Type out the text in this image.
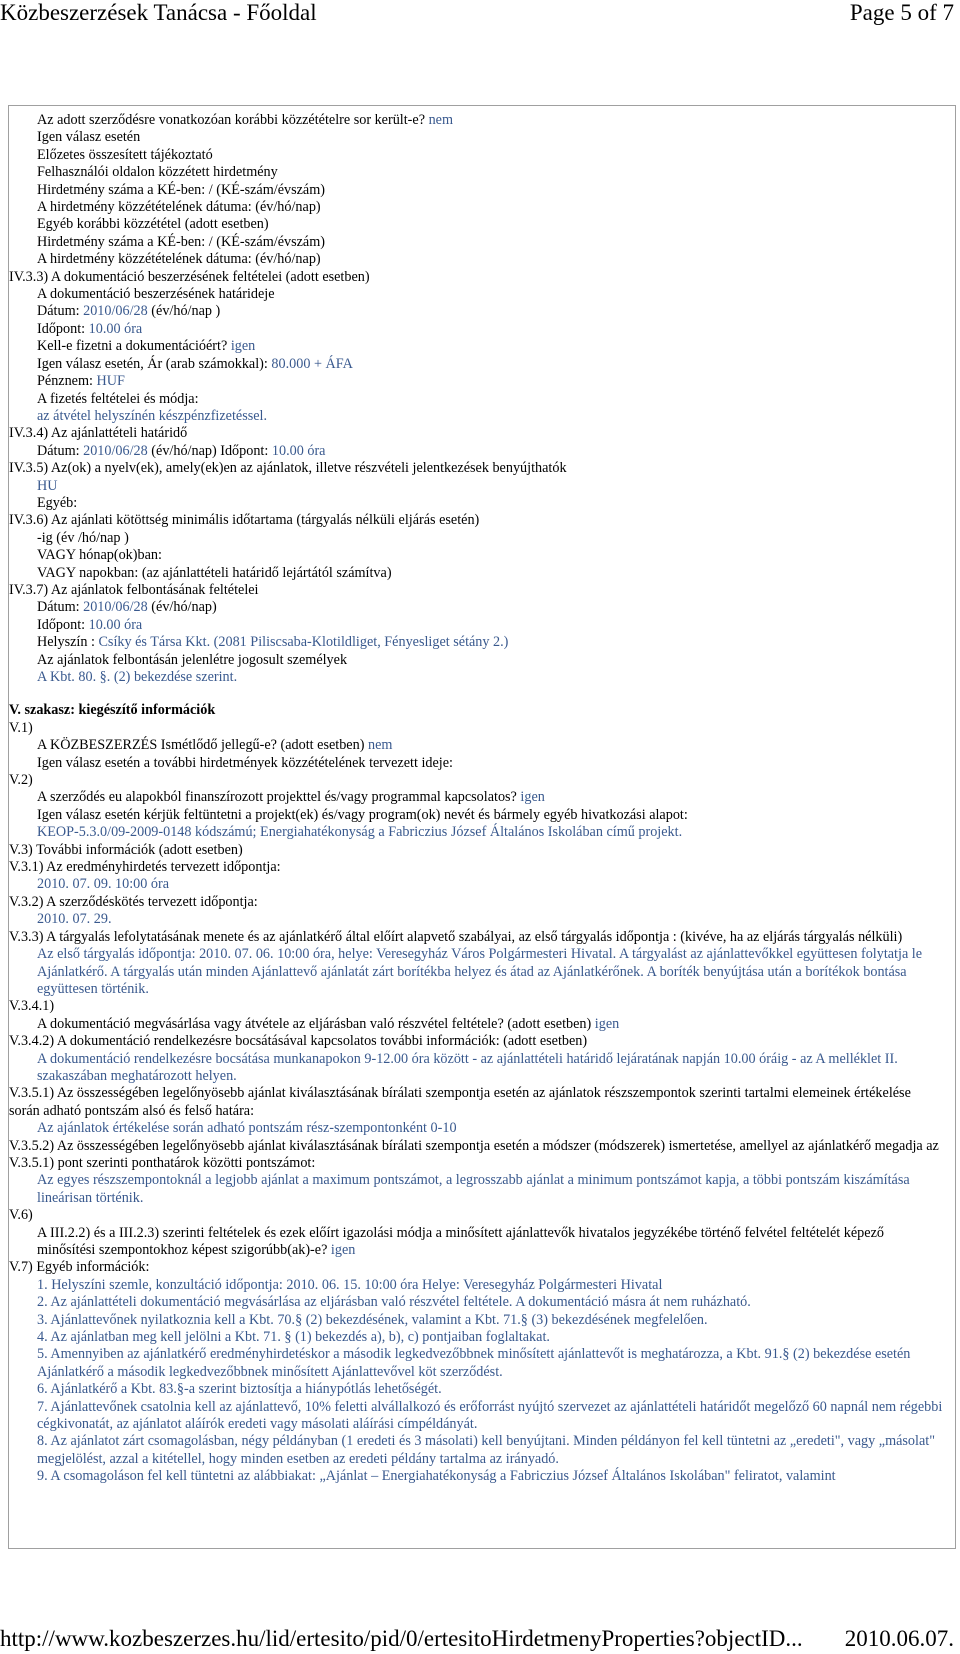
Közbeszerzések Tanácsa - Főoldal	Page 5 of 7
Az adott szerződésre vonatkozóan korábbi közzétételre sor került-e? nem
Igen válasz esetén
Előzetes összesített tájékoztató
Felhasználói oldalon közzétett hirdetmény
Hirdetmény száma a KÉ-ben: / (KÉ-szám/évszám)
A hirdetmény közzétételének dátuma: (év/hó/nap)
Egyéb korábbi közzététel (adott esetben)
Hirdetmény száma a KÉ-ben: / (KÉ-szám/évszám)
A hirdetmény közzétételének dátuma: (év/hó/nap)
IV.3.3) A dokumentáció beszerzésének feltételei (adott esetben)
A dokumentáció beszerzésének határideje
Dátum: 2010/06/28 (év/hó/nap )
Időpont: 10.00 óra
Kell-e fizetni a dokumentációért? igen
Igen válasz esetén, Ár (arab számokkal): 80.000 + ÁFA
Pénznem: HUF
A fizetés feltételei és módja:
az átvétel helyszínén készpénzfizetéssel.
IV.3.4) Az ajánlattételi határidő
Dátum: 2010/06/28 (év/hó/nap) Időpont: 10.00 óra
IV.3.5) Az(ok) a nyelv(ek), amely(ek)en az ajánlatok, illetve részvételi jelentkezések benyújthatók
HU
Egyéb:
IV.3.6) Az ajánlati kötöttség minimális időtartama (tárgyalás nélküli eljárás esetén)
-ig (év /hó/nap )
VAGY hónap(ok)ban:
VAGY napokban: (az ajánlattételi határidő lejártától számítva)
IV.3.7) Az ajánlatok felbontásának feltételei
Dátum: 2010/06/28 (év/hó/nap)
Időpont: 10.00 óra
Helyszín : Csíky és Társa Kkt. (2081 Piliscsaba-Klotildliget, Fényesliget sétány 2.)
Az ajánlatok felbontásán jelenlétre jogosult személyek
A Kbt. 80. §. (2) bekezdése szerint.
V. szakasz: kiegészítő információk
V.1)
A KÖZBESZERZÉS Ismétlődő jellegű-e? (adott esetben) nem
Igen válasz esetén a további hirdetmények közzétételének tervezett ideje:
V.2)
A szerződés eu alapokból finanszírozott projekttel és/vagy programmal kapcsolatos? igen
Igen válasz esetén kérjük feltüntetni a projekt(ek) és/vagy program(ok) nevét és bármely egyéb hivatkozási alapot:
KEOP-5.3.0/09-2009-0148 kódszámú; Energiahatékonyság a Fabriczius József Általános Iskolában című projekt.
V.3) További információk (adott esetben)
V.3.1) Az eredményhirdetés tervezett időpontja:
2010. 07. 09. 10:00 óra
V.3.2) A szerződéskötés tervezett időpontja:
2010. 07. 29.
V.3.3) A tárgyalás lefolytatásának menete és az ajánlatkérő által előírt alapvető szabályai, az első tárgyalás időpontja : (kivéve, ha az eljárás tárgyalás nélküli)
Az első tárgyalás időpontja: 2010. 07. 06. 10:00 óra, helye: Veresegyház Város Polgármesteri Hivatal. A tárgyalást az ajánlattevőkkel együttesen folytatja le Ajánlatkérő. A tárgyalás után minden Ajánlattevő ajánlatát zárt borítékba helyez és átad az Ajánlatkérőnek. A boríték benyújtása után a borítékok bontása együttesen történik.
V.3.4.1)
A dokumentáció megvásárlása vagy átvétele az eljárásban való részvétel feltétele? (adott esetben) igen
V.3.4.2) A dokumentáció rendelkezésre bocsátásával kapcsolatos további információk: (adott esetben)
A dokumentáció rendelkezésre bocsátása munkanapokon 9-12.00 óra között - az ajánlattételi határidő lejáratának napján 10.00 óráig - az A melléklet II. szakaszában meghatározott helyen.
V.3.5.1) Az összességében legelőnyösebb ajánlat kiválasztásának bírálati szempontja esetén az ajánlatok részszempontok szerinti tartalmi elemeinek értékelése során adható pontszám alsó és felső határa:
Az ajánlatok értékelése során adható pontszám rész-szempontonként 0-10
V.3.5.2) Az összességében legelőnyösebb ajánlat kiválasztásának bírálati szempontja esetén a módszer (módszerek) ismertetése, amellyel az ajánlatkérő megadja az V.3.5.1) pont szerinti ponthatárok közötti pontszámot:
Az egyes részszempontoknál a legjobb ajánlat a maximum pontszámot, a legrosszabb ajánlat a minimum pontszámot kapja, a többi pontszám kiszámítása lineárisan történik.
V.6)
A III.2.2) és a III.2.3) szerinti feltételek és ezek előírt igazolási módja a minősített ajánlattevők hivatalos jegyzékébe történő felvétel feltételét képező minősítési szempontokhoz képest szigorúbb(ak)-e? igen
V.7) Egyéb információk:
1. Helyszíni szemle, konzultáció időpontja: 2010. 06. 15. 10:00 óra Helye: Veresegyház Polgármesteri Hivatal
2. Az ajánlattételi dokumentáció megvásárlása az eljárásban való részvétel feltétele. A dokumentáció másra át nem ruházható.
3. Ajánlattevőnek nyilatkoznia kell a Kbt. 70.§ (2) bekezdésének, valamint a Kbt. 71.§ (3) bekezdésének megfelelően.
4. Az ajánlatban meg kell jelölni a Kbt. 71. § (1) bekezdés a), b), c) pontjaiban foglaltakat.
5. Amennyiben az ajánlatkérő eredményhirdetéskor a második legkedvezőbbnek minősített ajánlattevőt is meghatározza, a Kbt. 91.§ (2) bekezdése esetén Ajánlatkérő a második legkedvezőbbnek minősített Ajánlattevővel köt szerződést.
6. Ajánlatkérő a Kbt. 83.§-a szerint biztosítja a hiánypótlás lehetőségét.
7. Ajánlattevőnek csatolnia kell az ajánlattevő, 10% feletti alvállalkozó és erőforrást nyújtó szervezet az ajánlattételi határidőt megelőző 60 napnál nem régebbi cégkivonatát, az ajánlatot aláírók eredeti vagy másolati aláírási címpéldányát.
8. Az ajánlatot zárt csomagolásban, négy példányban (1 eredeti és 3 másolati) kell benyújtani. Minden példányon fel kell tüntetni az „eredeti", vagy „másolat" megjelölést, azzal a kitétellel, hogy minden esetben az eredeti példány tartalma az irányadó.
9. A csomagoláson fel kell tüntetni az alábbiakat: „Ajánlat – Energiahatékonyság a Fabriczius József Általános Iskolában" feliratot, valamint
http://www.kozbeszerzes.hu/lid/ertesito/pid/0/ertesitoHirdetmenyProperties?objectID... 2010.06.07.
